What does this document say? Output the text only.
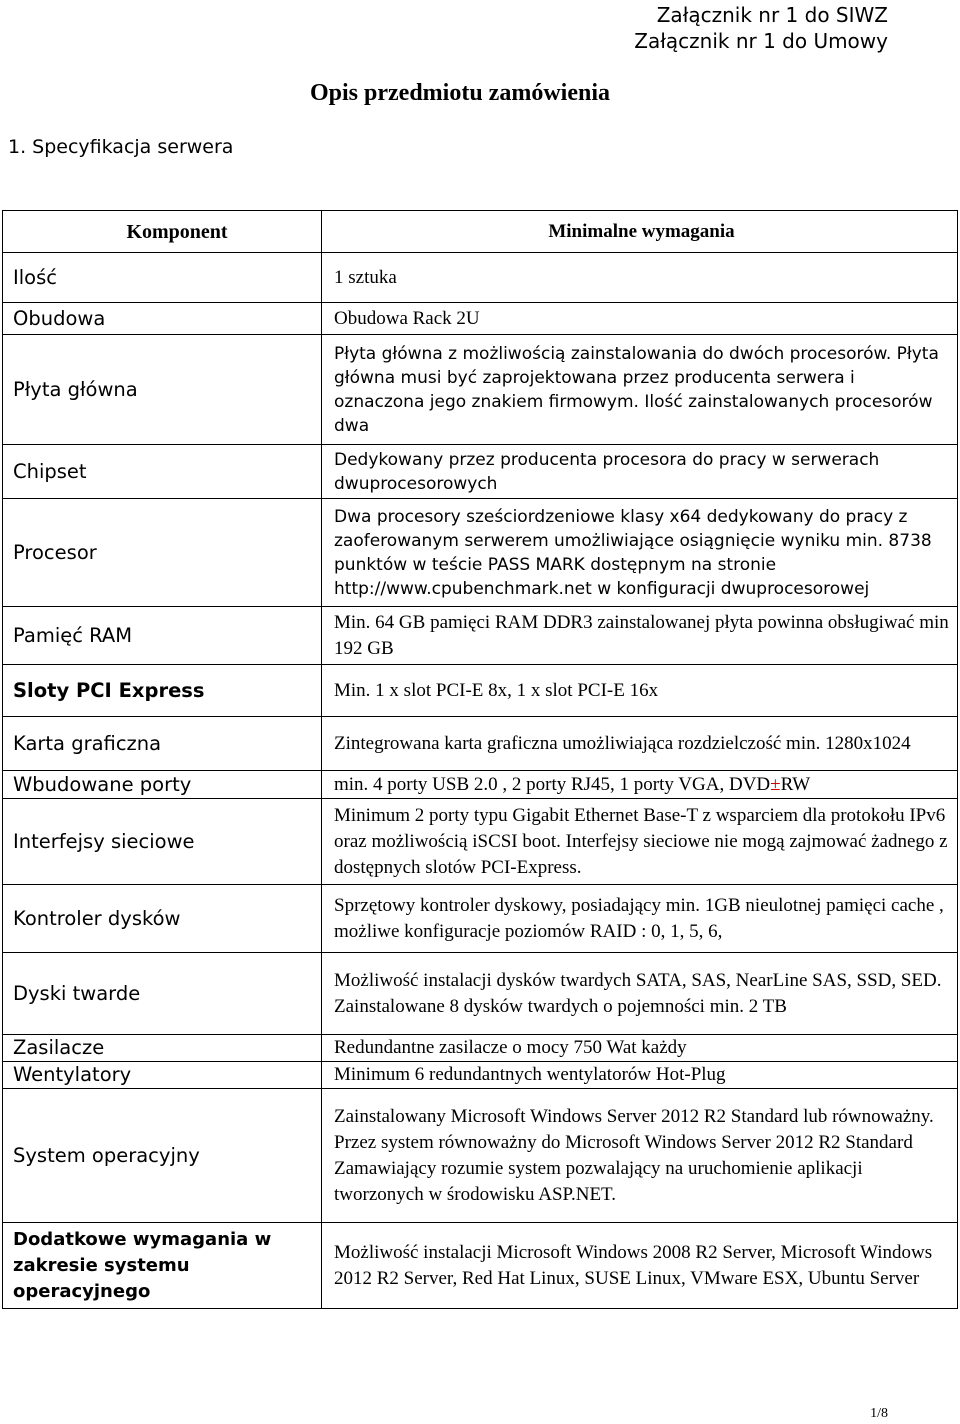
Załącznik nr 1 do SIWZ
Załącznik nr 1 do Umowy
Opis przedmiotu zamówienia
1. Specyfikacja serwera
Komponent	Minimalne wymagania
Ilość	1 sztuka
Obudowa	Obudowa Rack 2U
Płyta główna	Płyta główna z możliwością zainstalowania do dwóch procesorów. Płyta główna musi być zaprojektowana przez producenta serwera i oznaczona jego znakiem firmowym. Ilość zainstalowanych procesorów dwa
Chipset	Dedykowany przez producenta procesora do pracy w serwerach dwuprocesorowych
Procesor	Dwa procesory sześciordzeniowe klasy x64 dedykowany do pracy z zaoferowanym serwerem umożliwiające osiągnięcie wyniku min. 8738 punktów w teście PASS MARK dostępnym na stronie http://www.cpubenchmark.net w konfiguracji dwuprocesorowej
Pamięć RAM	Min. 64 GB pamięci RAM DDR3 zainstalowanej płyta powinna obsługiwać min 192 GB
Sloty PCI Express	Min. 1 x slot PCI-E 8x, 1 x slot PCI-E 16x
Karta graficzna	Zintegrowana karta graficzna umożliwiająca rozdzielczość min. 1280x1024
Wbudowane porty	min. 4 porty USB 2.0 , 2 porty RJ45, 1 porty VGA, DVD±RW
Interfejsy sieciowe	Minimum 2 porty typu Gigabit Ethernet Base-T z wsparciem dla protokołu IPv6 oraz możliwością iSCSI boot. Interfejsy sieciowe nie mogą zajmować żadnego z dostępnych slotów PCI-Express.
Kontroler dysków	Sprzętowy kontroler dyskowy, posiadający min. 1GB nieulotnej pamięci cache , możliwe konfiguracje poziomów RAID : 0, 1, 5, 6,
Dyski twarde	Możliwość instalacji dysków twardych SATA, SAS, NearLine SAS, SSD, SED. Zainstalowane 8 dysków twardych o pojemności min. 2 TB
Zasilacze	Redundantne zasilacze o mocy 750 Wat każdy
Wentylatory	Minimum 6 redundantnych wentylatorów Hot-Plug
System operacyjny	Zainstalowany Microsoft Windows Server 2012 R2 Standard lub równoważny.
Przez system równoważny do Microsoft Windows Server 2012 R2 Standard Zamawiający rozumie system pozwalający na uruchomienie aplikacji tworzonych w środowisku ASP.NET.

Dodatkowe wymagania w zakresie systemu operacyjnego	Możliwość instalacji Microsoft Windows 2008 R2 Server, Microsoft Windows 2012 R2 Server, Red Hat Linux, SUSE Linux, VMware ESX, Ubuntu Server
1/8
